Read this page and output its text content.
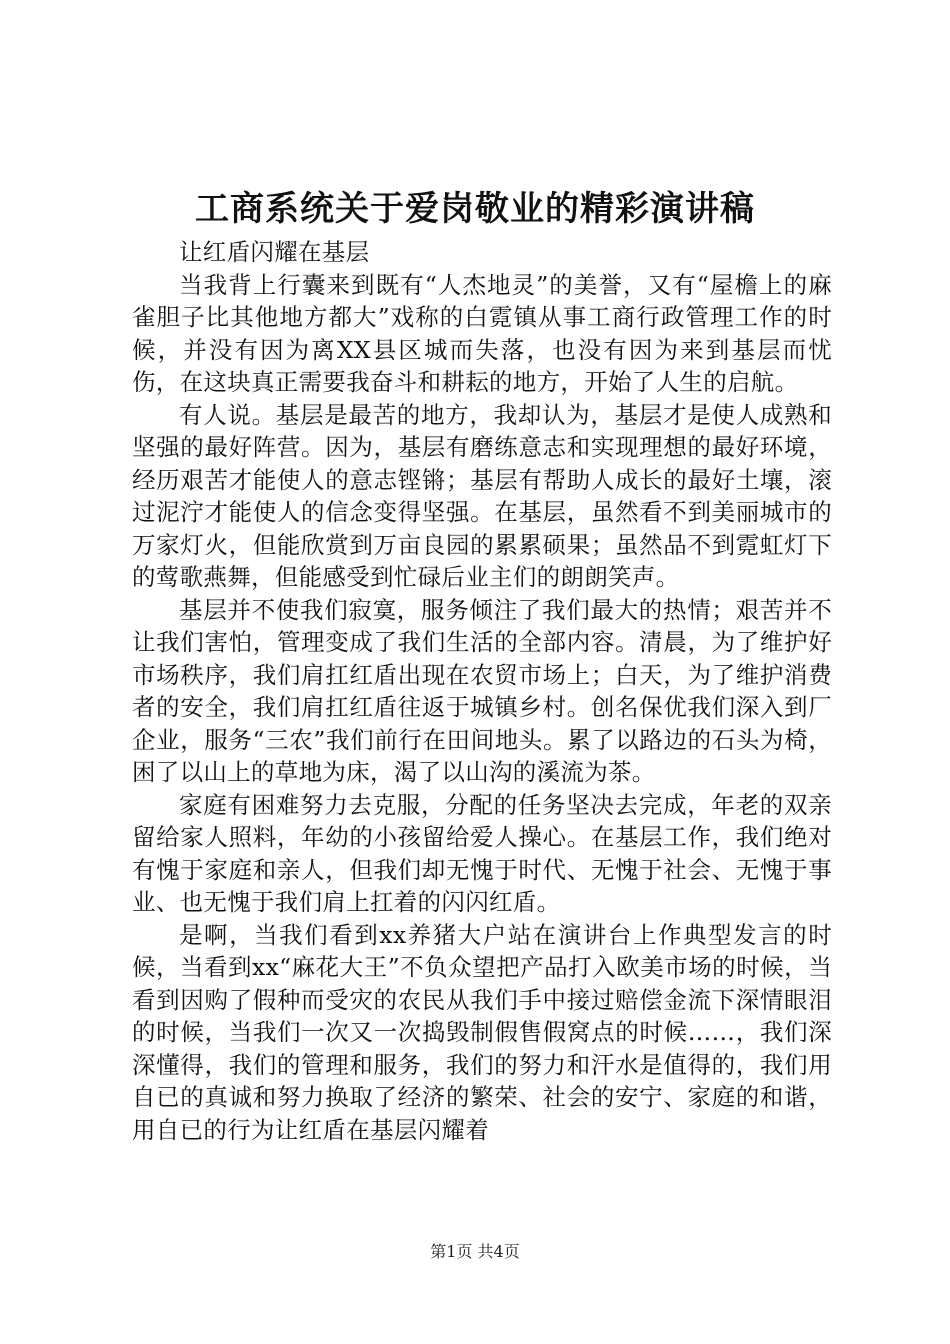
工商系统关于爱岗敬业的精彩演讲稿

让红盾闪耀在基层

当我背上行囊来到既有“人杰地灵”的美誉，又有“屋檐上的麻雀胆子比其他地方都大”戏称的白霓镇从事工商行政管理工作的时候，并没有因为离XX县区城而失落，也没有因为来到基层而忧伤，在这块真正需要我奋斗和耕耘的地方，开始了人生的启航。

有人说。基层是最苦的地方，我却认为，基层才是使人成熟和坚强的最好阵营。因为，基层有磨练意志和实现理想的最好环境，经历艰苦才能使人的意志铿锵；基层有帮助人成长的最好土壤，滚过泥泞才能使人的信念变得坚强。在基层，虽然看不到美丽城市的万家灯火，但能欣赏到万亩良园的累累硕果；虽然品不到霓虹灯下的莺歌燕舞，但能感受到忙碌后业主们的朗朗笑声。

基层并不使我们寂寞，服务倾注了我们最大的热情；艰苦并不让我们害怕，管理变成了我们生活的全部内容。清晨，为了维护好市场秩序，我们肩扛红盾出现在农贸市场上；白天，为了维护消费者的安全，我们肩扛红盾往返于城镇乡村。创名保优我们深入到厂企业，服务“三农”我们前行在田间地头。累了以路边的石头为椅，困了以山上的草地为床，渴了以山沟的溪流为茶。

家庭有困难努力去克服，分配的任务坚决去完成，年老的双亲留给家人照料，年幼的小孩留给爱人操心。在基层工作，我们绝对有愧于家庭和亲人，但我们却无愧于时代、无愧于社会、无愧于事业、也无愧于我们肩上扛着的闪闪红盾。

是啊，当我们看到xx养猪大户站在演讲台上作典型发言的时候，当看到xx“麻花大王”不负众望把产品打入欧美市场的时候，当看到因购了假种而受灾的农民从我们手中接过赔偿金流下深情眼泪的时候，当我们一次又一次捣毁制假售假窝点的时候……，我们深深懂得，我们的管理和服务，我们的努力和汗水是值得的，我们用自已的真诚和努力换取了经济的繁荣、社会的安宁、家庭的和谐，用自已的行为让红盾在基层闪耀着

第1页 共4页
